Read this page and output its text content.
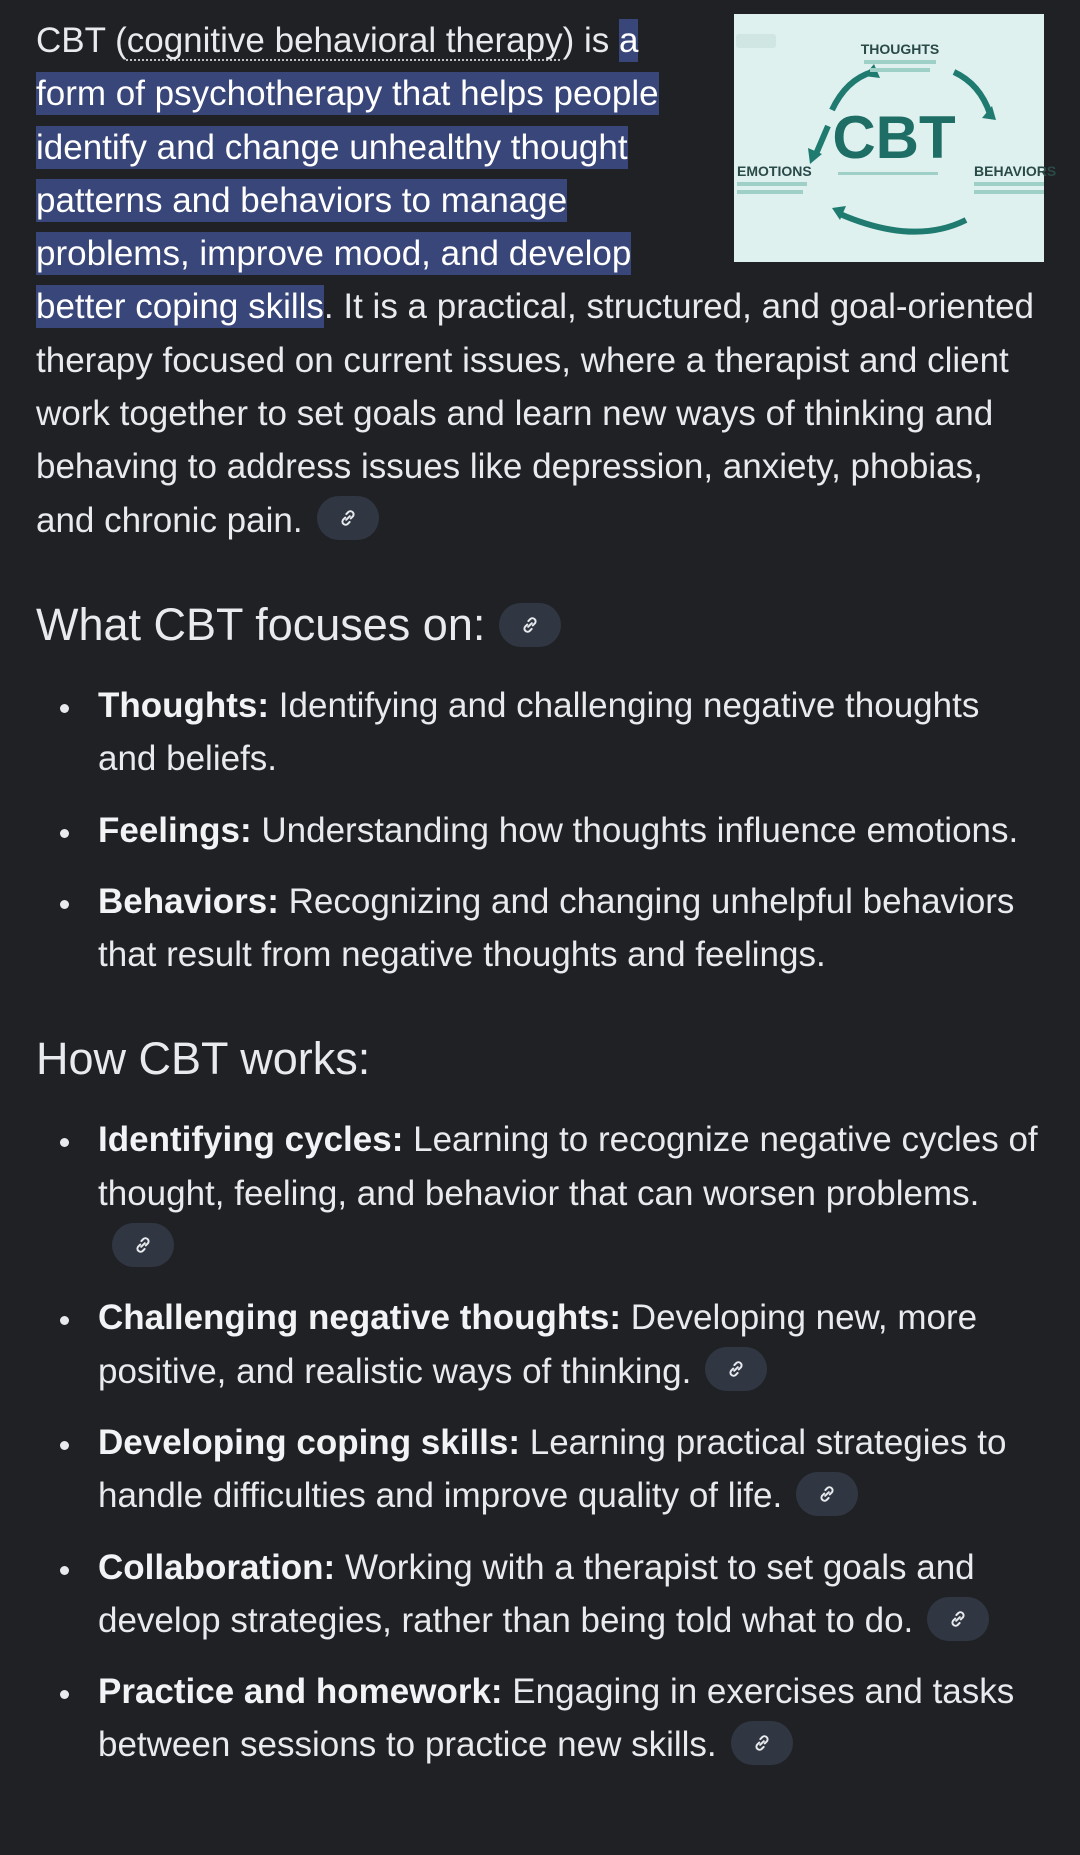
CBT
THOUGHTS
EMOTIONS	BEHAVIORS

CBT (cognitive behavioral therapy) is a form of psychotherapy that helps people identify and change unhealthy thought patterns and behaviors to manage problems, improve mood, and develop better coping skills. It is a practical, structured, and goal-oriented therapy focused on current issues, where a therapist and client work together to set goals and learn new ways of thinking and behaving to address issues like depression, anxiety, phobias, and chronic pain.

What CBT focuses on:
Thoughts: Identifying and challenging negative thoughts and beliefs.
Feelings: Understanding how thoughts influence emotions.
Behaviors: Recognizing and changing unhelpful behaviors that result from negative thoughts and feelings.
How CBT works:
Identifying cycles: Learning to recognize negative cycles of thought, feeling, and behavior that can worsen problems.
Challenging negative thoughts: Developing new, more positive, and realistic ways of thinking.
Developing coping skills: Learning practical strategies to handle difficulties and improve quality of life.
Collaboration: Working with a therapist to set goals and develop strategies, rather than being told what to do.
Practice and homework: Engaging in exercises and tasks between sessions to practice new skills.
